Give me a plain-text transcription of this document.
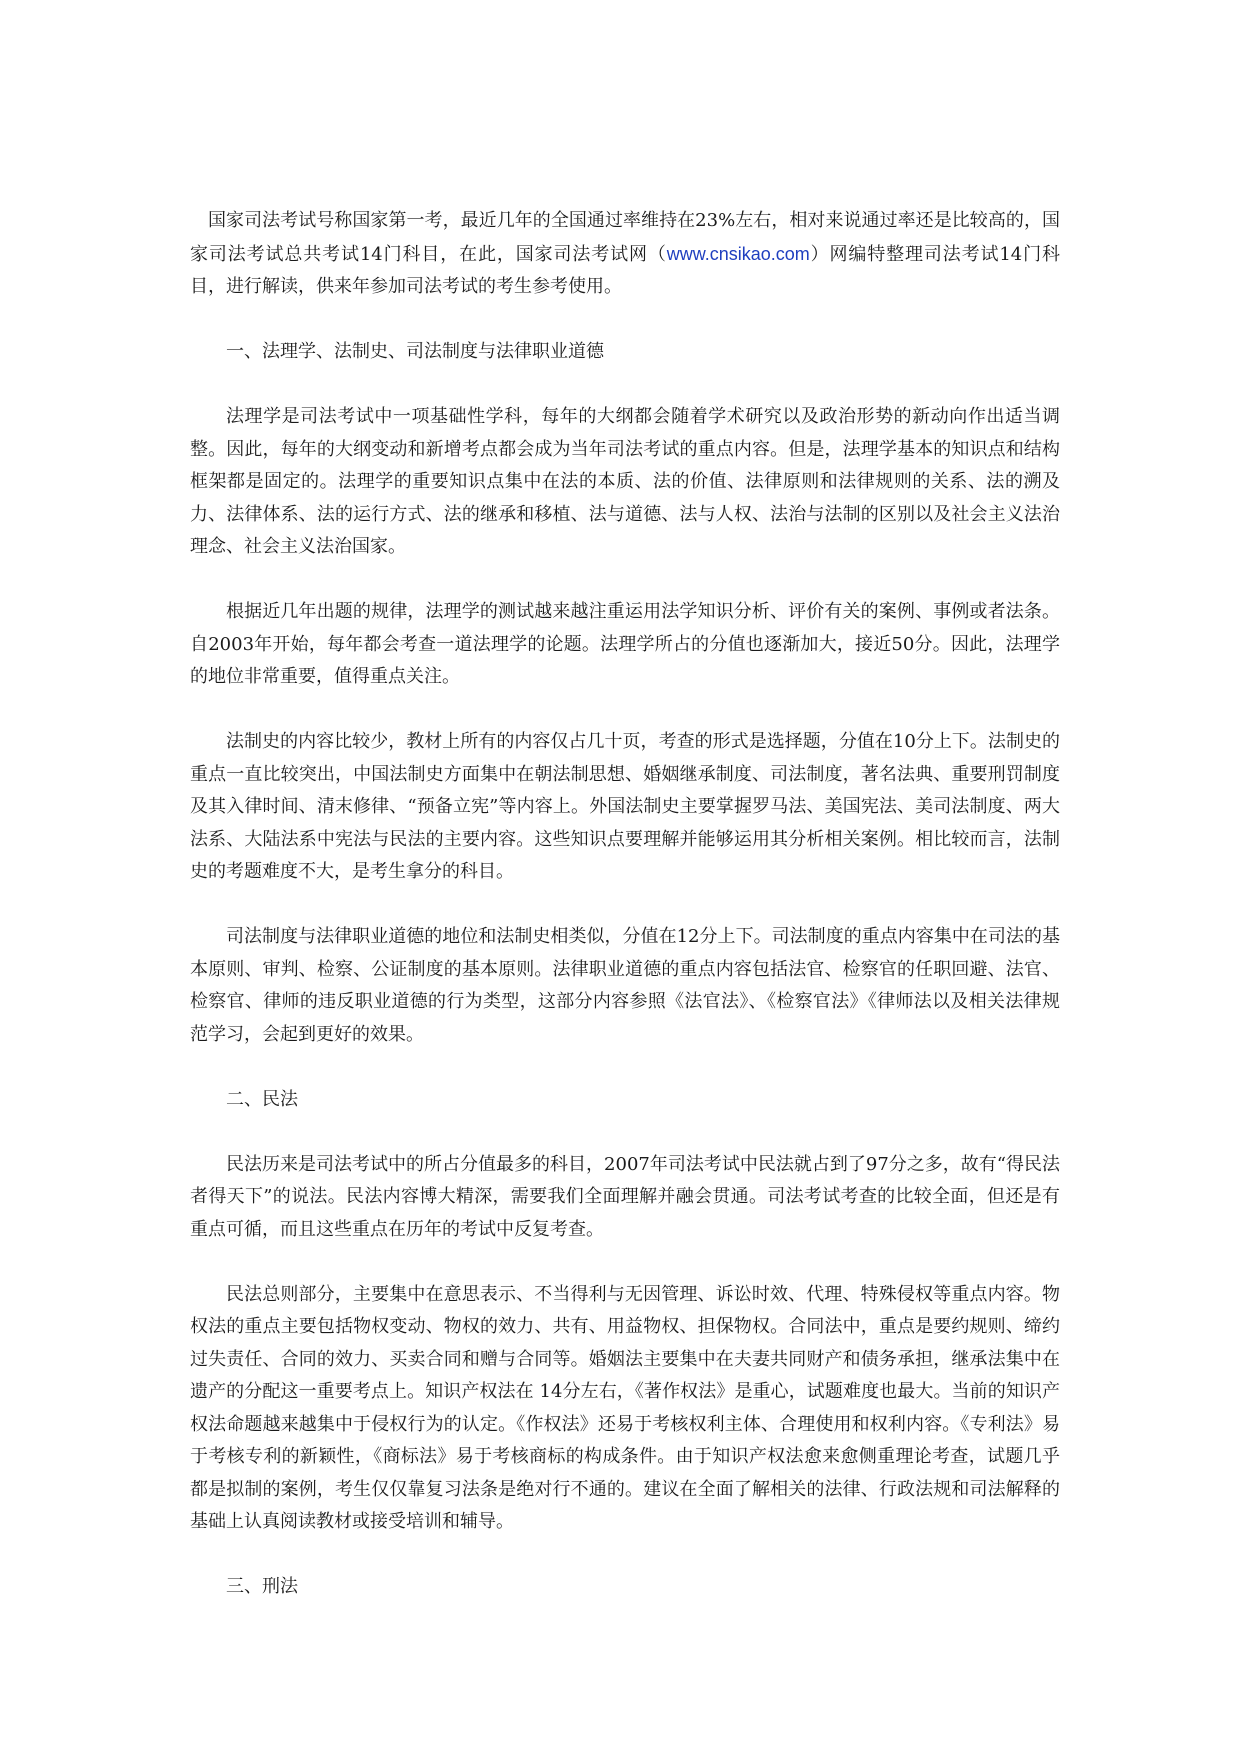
国家司法考试号称国家第一考，最近几年的全国通过率维持在23%左右，相对来说通过率还是比较高的，国家司法考试总共考试14门科目，在此，国家司法考试网（www.cnsikao.com）网编特整理司法考试14门科目，进行解读，供来年参加司法考试的考生参考使用。

一、法理学、法制史、司法制度与法律职业道德

法理学是司法考试中一项基础性学科，每年的大纲都会随着学术研究以及政治形势的新动向作出适当调整。因此，每年的大纲变动和新增考点都会成为当年司法考试的重点内容。但是，法理学基本的知识点和结构框架都是固定的。法理学的重要知识点集中在法的本质、法的价值、法律原则和法律规则的关系、法的溯及力、法律体系、法的运行方式、法的继承和移植、法与道德、法与人权、法治与法制的区别以及社会主义法治理念、社会主义法治国家。

根据近几年出题的规律，法理学的测试越来越注重运用法学知识分析、评价有关的案例、事例或者法条。自2003年开始，每年都会考查一道法理学的论题。法理学所占的分值也逐渐加大，接近50分。因此，法理学的地位非常重要，值得重点关注。

法制史的内容比较少，教材上所有的内容仅占几十页，考查的形式是选择题，分值在10分上下。法制史的重点一直比较突出，中国法制史方面集中在朝法制思想、婚姻继承制度、司法制度，著名法典、重要刑罚制度及其入律时间、清末修律、“预备立宪”等内容上。外国法制史主要掌握罗马法、美国宪法、美司法制度、两大法系、大陆法系中宪法与民法的主要内容。这些知识点要理解并能够运用其分析相关案例。相比较而言，法制史的考题难度不大，是考生拿分的科目。

司法制度与法律职业道德的地位和法制史相类似，分值在12分上下。司法制度的重点内容集中在司法的基本原则、审判、检察、公证制度的基本原则。法律职业道德的重点内容包括法官、检察官的任职回避、法官、检察官、律师的违反职业道德的行为类型，这部分内容参照《法官法》、《检察官法》《律师法以及相关法律规范学习，会起到更好的效果。

二、民法

民法历来是司法考试中的所占分值最多的科目，2007年司法考试中民法就占到了97分之多，故有“得民法者得天下”的说法。民法内容博大精深，需要我们全面理解并融会贯通。司法考试考查的比较全面，但还是有重点可循，而且这些重点在历年的考试中反复考查。

民法总则部分，主要集中在意思表示、不当得利与无因管理、诉讼时效、代理、特殊侵权等重点内容。物权法的重点主要包括物权变动、物权的效力、共有、用益物权、担保物权。合同法中，重点是要约规则、缔约过失责任、合同的效力、买卖合同和赠与合同等。婚姻法主要集中在夫妻共同财产和债务承担，继承法集中在遗产的分配这一重要考点上。知识产权法在 14分左右，《著作权法》是重心，试题难度也最大。当前的知识产权法命题越来越集中于侵权行为的认定。《作权法》还易于考核权利主体、合理使用和权利内容。《专利法》易于考核专利的新颖性，《商标法》易于考核商标的构成条件。由于知识产权法愈来愈侧重理论考查，试题几乎都是拟制的案例，考生仅仅靠复习法条是绝对行不通的。建议在全面了解相关的法律、行政法规和司法解释的基础上认真阅读教材或接受培训和辅导。

三、刑法
